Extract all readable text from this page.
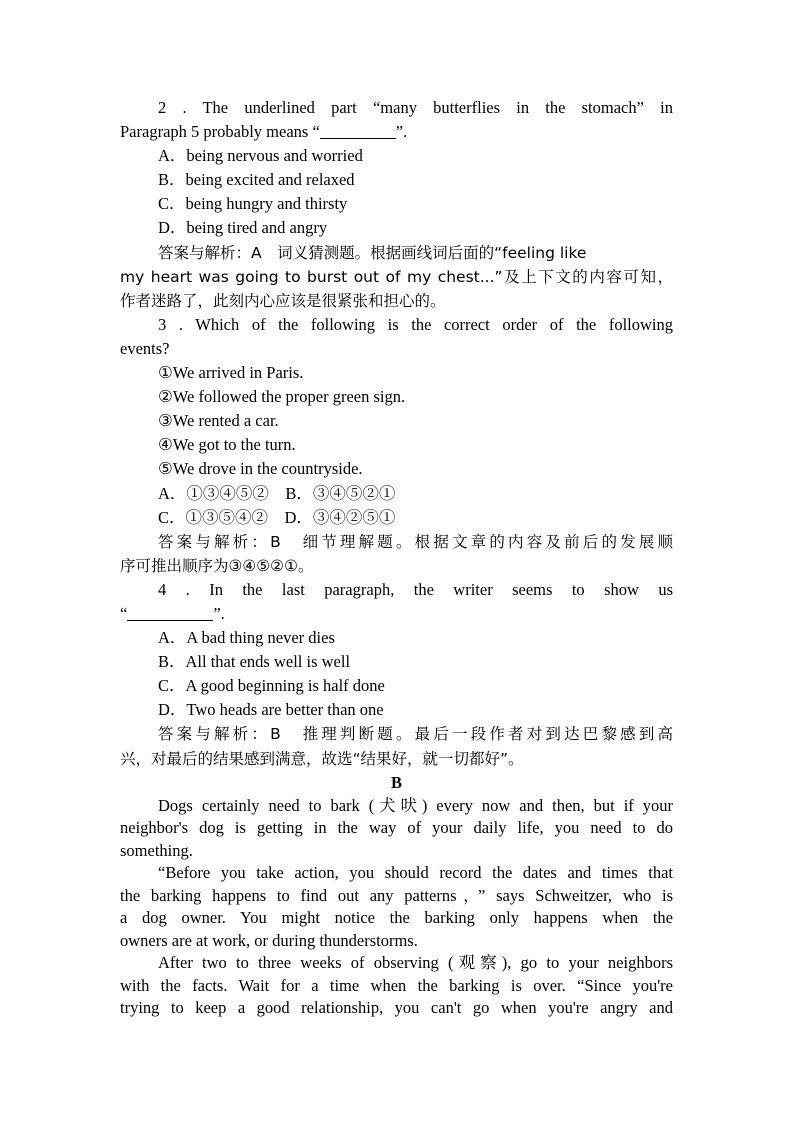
2 . The underlined part “many butterflies in the stomach” in
Paragraph 5 probably means “	”.
A．being nervous and worried
B．being excited and relaxed
C．being hungry and thirsty
D．being tired and angry
答案与解析：A　词义猜测题。根据画线词后面的“feeling like
my heart was going to burst out of my chest...”及上下文的内容可知，
作者迷路了，此刻内心应该是很紧张和担心的。
3 . Which of the following is the correct order of the following
events?
①We arrived in Paris.
②We followed the proper green sign.
③We rented a car.
④We got to the turn.
⑤We drove in the countryside.
A．①③④⑤②　B．③④⑤②①
C．①③⑤④②　D．③④②⑤①
答案与解析：B　细节理解题。根据文章的内容及前后的发展顺
序可推出顺序为③④⑤②①。
4 . In the last paragraph, the writer seems to show us
“	”.
A．A bad thing never dies
B．All that ends well is well
C．A good beginning is half done
D．Two heads are better than one
答案与解析：B　推理判断题。最后一段作者对到达巴黎感到高
兴，对最后的结果感到满意，故选“结果好，就一切都好”。
B
Dogs certainly need to bark (犬吠) every now and then, but if your
neighbor's dog is getting in the way of your daily life, you need to do
something.
“Before you take action, you should record the dates and times that
the barking happens to find out any patterns，” says Schweitzer, who is
a dog owner. You might notice the barking only happens when the
owners are at work, or during thunderstorms.
After two to three weeks of observing (观察), go to your neighbors
with the facts. Wait for a time when the barking is over. “Since you're
trying to keep a good relationship, you can't go when you're angry and
